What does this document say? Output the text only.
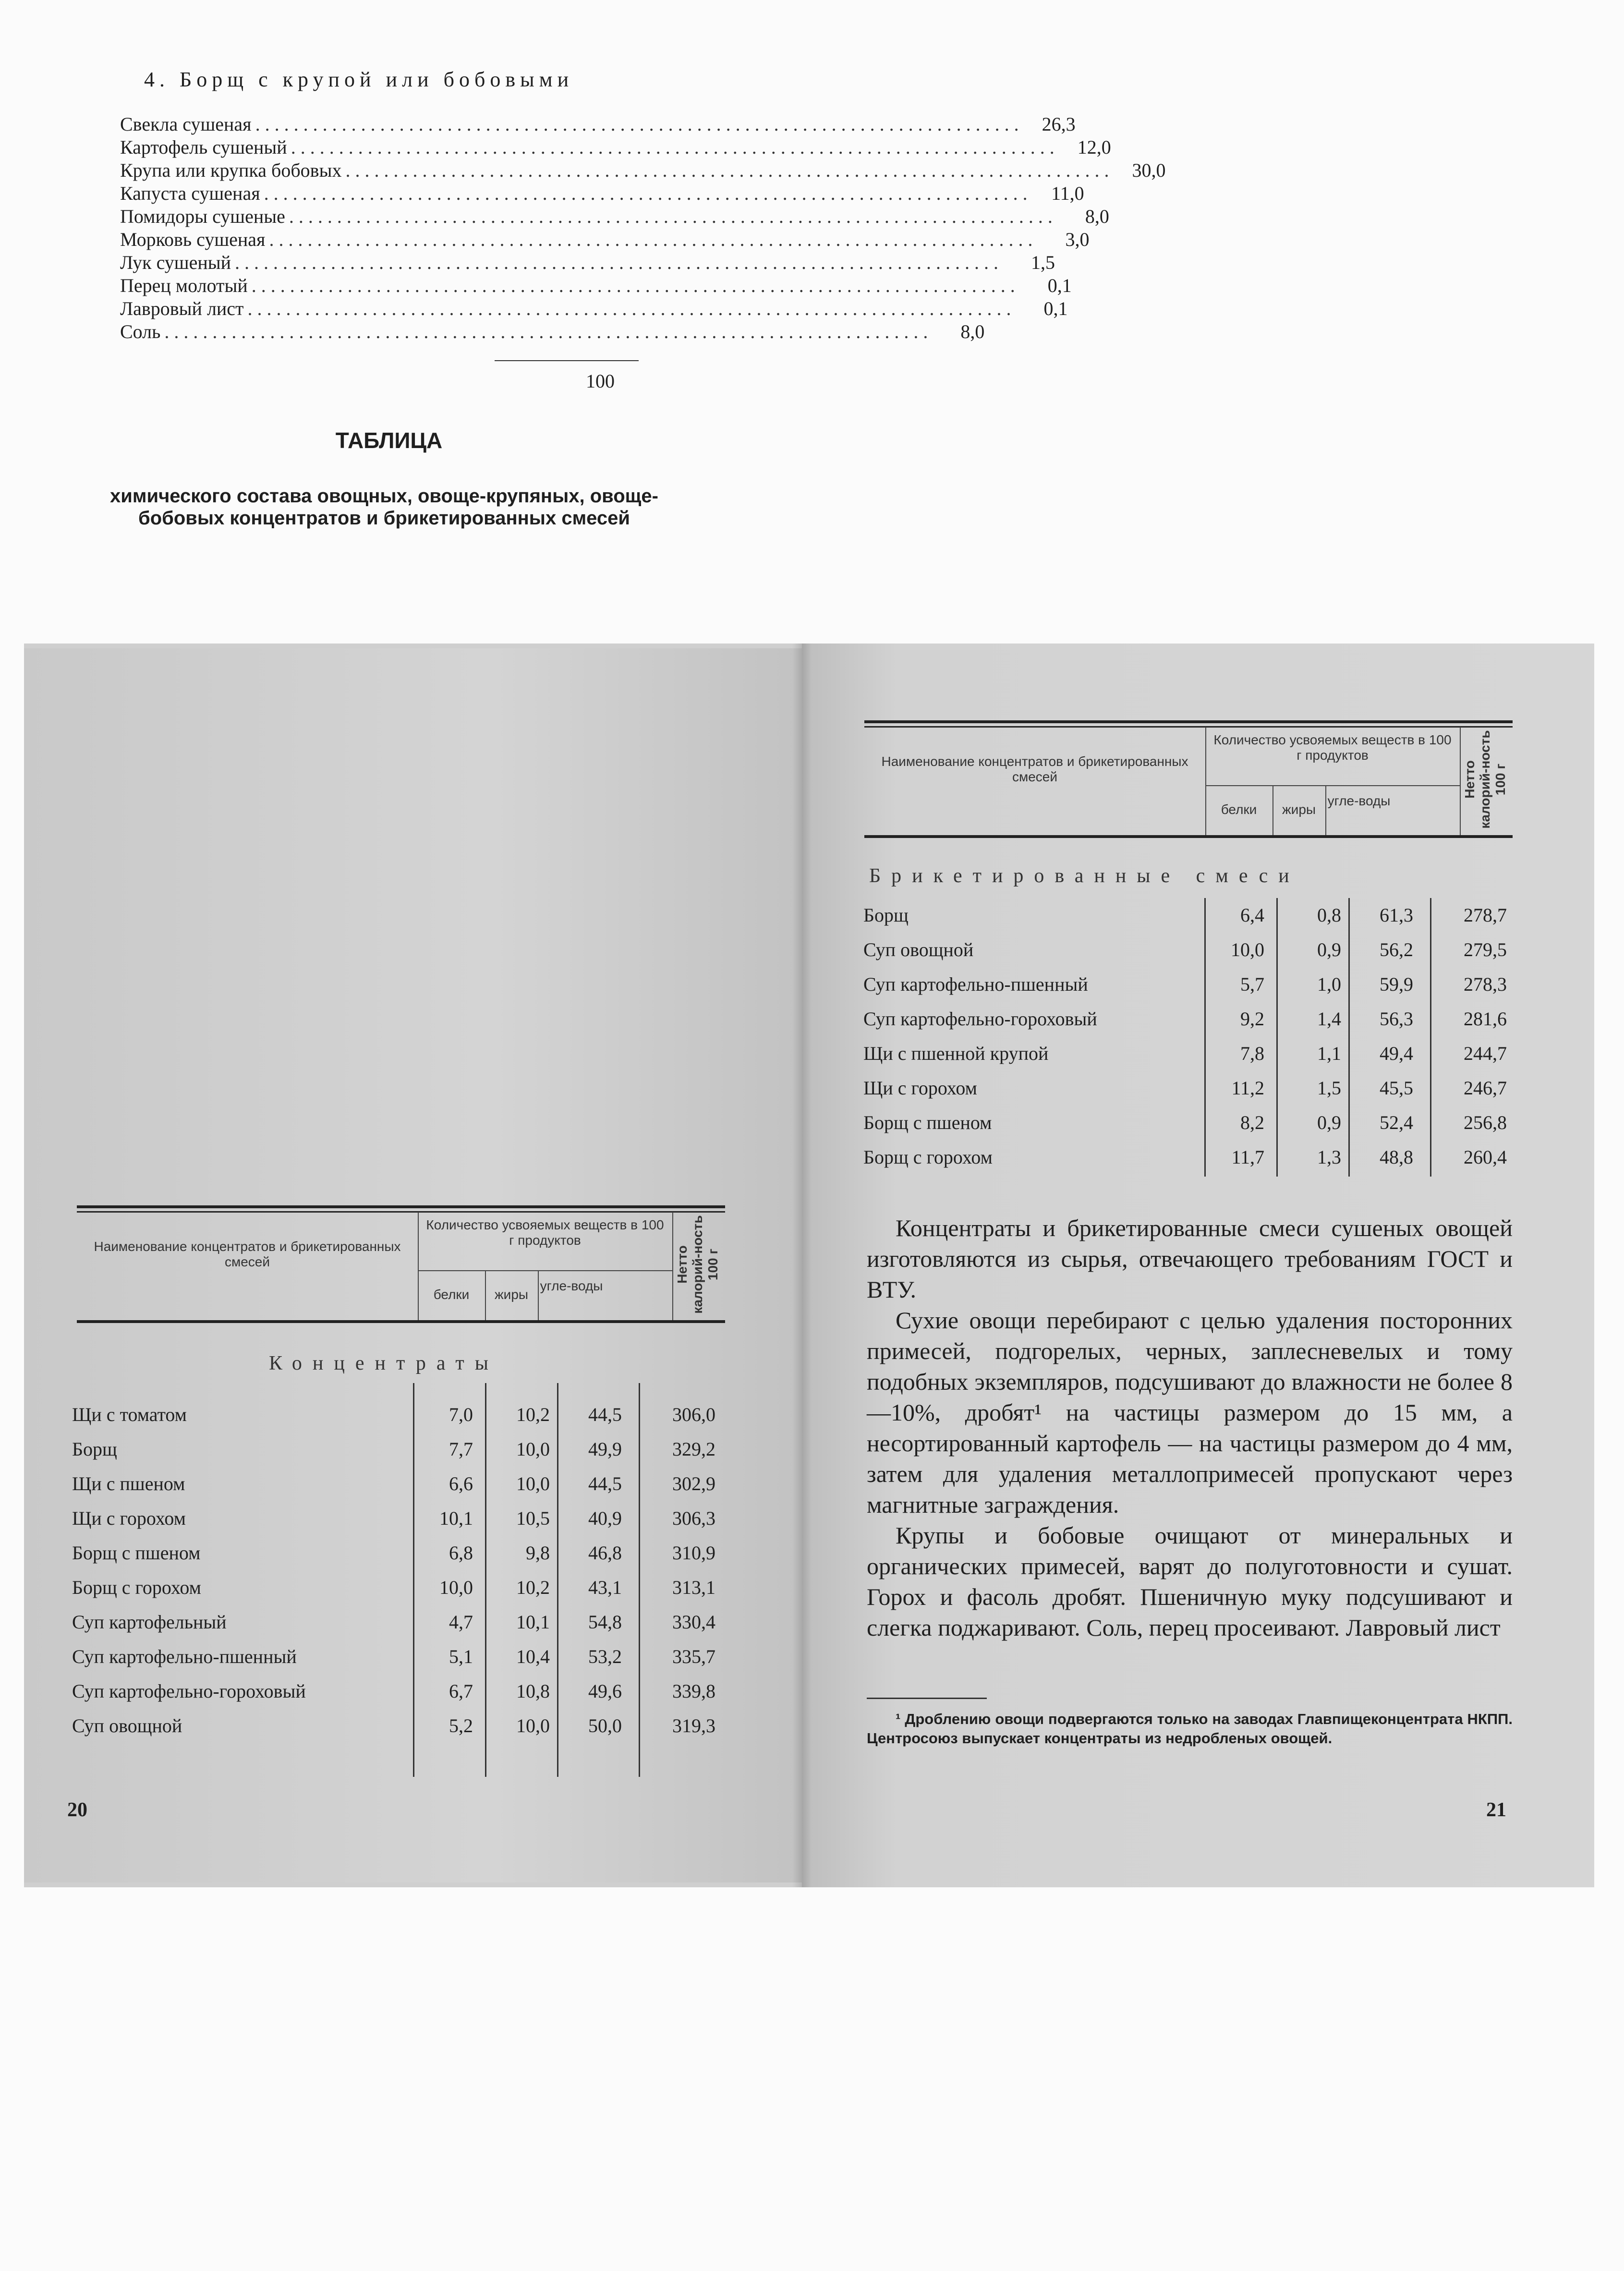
4. Борщ с крупой или бобовыми
Свекла сушеная ................................................................................ 26,3
Картофель сушеный ................................................................................ 12,0
Крупа или крупка бобовых ................................................................................ 30,0
Капуста сушеная ................................................................................ 11,0
Помидоры сушеные ................................................................................	8,0
Морковь сушеная ................................................................................	3,0
Лук сушеный ................................................................................	1,5
Перец молотый ................................................................................	0,1
Лавровый лист ................................................................................	0,1
Соль ................................................................................	8,0
100
ТАБЛИЦА
химического состава овощных, овоще-крупяных, овоще-бобовых концентратов и брикетированных смесей
Наименование концентратов и брикетированных смесей
Количество усвояемых веществ в 100 г продуктов
белки	жиры
угле-воды
Нетто калорий-ность 100 г
Концентраты
Щи с томатом	7,0	10,2	44,5	306,0
Борщ	7,7	10,0	49,9	329,2
Щи с пшеном	6,6	10,0	44,5	302,9
Щи с горохом	10,1	10,5	40,9	306,3
Борщ с пшеном	6,8	9,8	46,8	310,9
Борщ с горохом	10,0	10,2	43,1	313,1
Суп картофельный	4,7	10,1	54,8	330,4
Суп картофельно-пшенный	5,1	10,4	53,2	335,7
Суп картофельно-гороховый	6,7	10,8	49,6	339,8
Суп овощной	5,2	10,0	50,0	319,3
20
Наименование концентратов и брикетированных смесей
Количество усвояемых веществ в 100 г продуктов
белки	жиры
угле-воды
Нетто калорий-ность 100 г
Брикетированные смеси
Борщ	6,4	0,8	61,3	278,7
Суп овощной	10,0	0,9	56,2	279,5
Суп картофельно-пшенный	5,7	1,0	59,9	278,3
Суп картофельно-гороховый	9,2	1,4	56,3	281,6
Щи с пшенной крупой	7,8	1,1	49,4	244,7
Щи с горохом	11,2	1,5	45,5	246,7
Борщ с пшеном	8,2	0,9	52,4	256,8
Борщ с горохом	11,7	1,3	48,8	260,4

Концентраты и брикетированные смеси сушеных овощей изготовляются из сырья, отвечающего требованиям ГОСТ и ВТУ.

Сухие овощи перебирают с целью удаления посторонних примесей, подгорелых, черных, заплесневелых и тому подобных экземпляров, подсушивают до влажности не более 8—10%, дробят¹ на частицы размером до 15 мм, а несортированный картофель — на частицы размером до 4 мм, затем для удаления металлопримесей пропускают через магнитные заграждения.

Крупы и бобовые очищают от минеральных и органических примесей, варят до полуготовности и сушат. Горох и фасоль дробят. Пшеничную муку подсушивают и слегка поджаривают. Соль, перец просеивают. Лавровый лист

¹ Дроблению овощи подвергаются только на заводах Главпищеконцентрата НКПП. Центросоюз выпускает концентраты из недробленых овощей.

21
